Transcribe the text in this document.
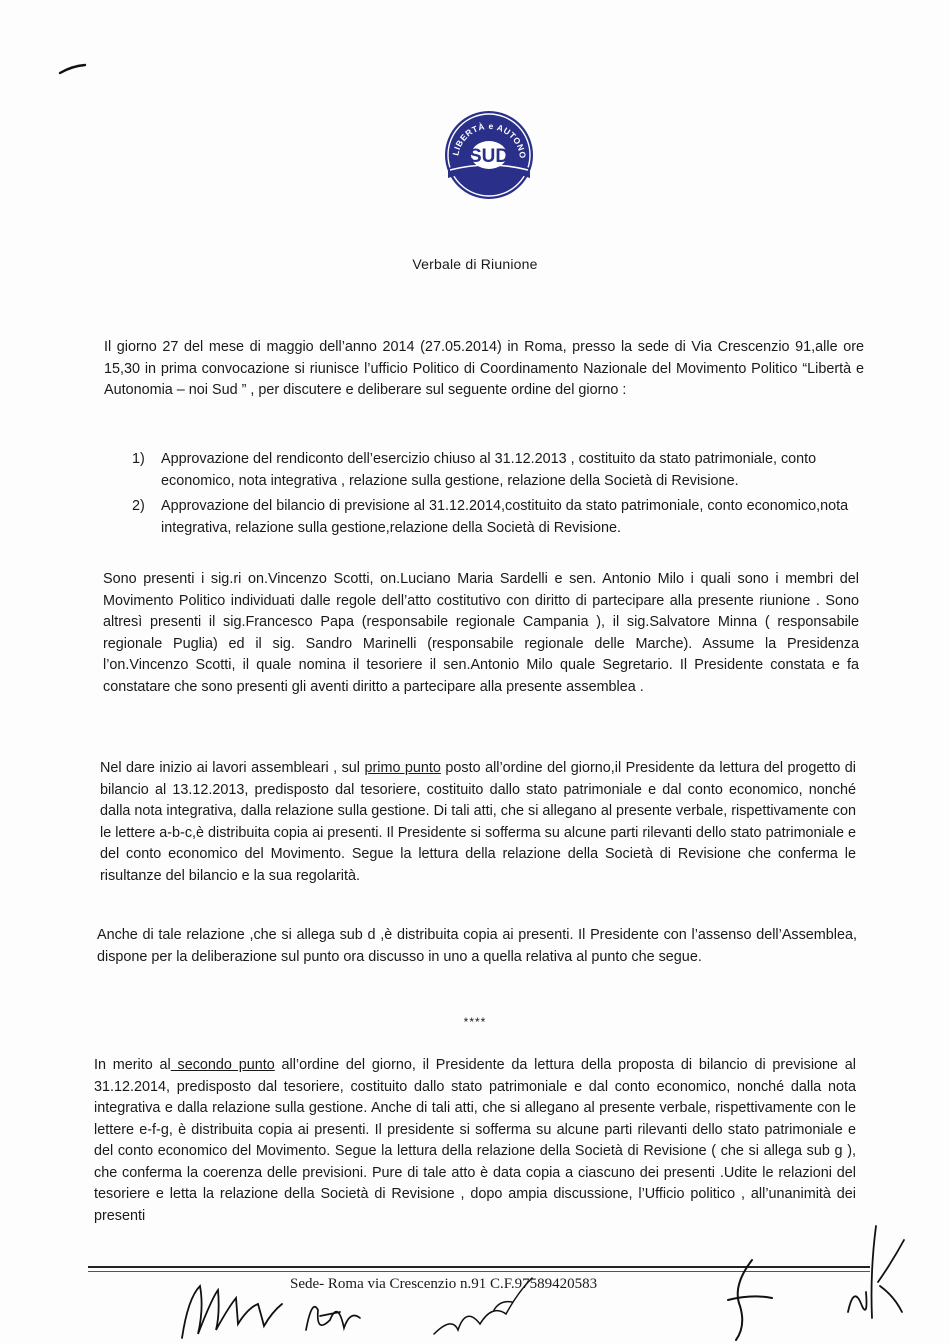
LIBERTÀ e AUTONO
SUD
Verbale di Riunione
Il giorno 27 del mese di maggio dell’anno 2014 (27.05.2014) in Roma, presso la sede di Via Crescenzio 91,alle ore 15,30 in prima convocazione si riunisce l’ufficio Politico di Coordinamento Nazionale del Movimento Politico “Libertà e Autonomia – noi Sud ” , per discutere e deliberare sul seguente ordine del giorno :
1) Approvazione del rendiconto dell’esercizio chiuso al 31.12.2013 , costituito da stato patrimoniale, conto economico, nota integrativa , relazione sulla gestione, relazione della Società di Revisione.
2) Approvazione del bilancio di previsione al 31.12.2014,costituito da stato patrimoniale, conto economico,nota integrativa, relazione sulla gestione,relazione della Società di Revisione.
Sono presenti i sig.ri on.Vincenzo Scotti, on.Luciano Maria Sardelli e sen. Antonio Milo i quali sono i membri del Movimento Politico individuati dalle regole dell’atto costitutivo con diritto di partecipare alla presente riunione . Sono altresì presenti il sig.Francesco Papa (responsabile regionale Campania ), il sig.Salvatore Minna ( responsabile regionale Puglia) ed il sig. Sandro Marinelli (responsabile regionale delle Marche). Assume la Presidenza l’on.Vincenzo Scotti, il quale nomina il tesoriere il sen.Antonio Milo quale Segretario. Il Presidente constata e fa constatare che sono presenti gli aventi diritto a partecipare alla presente assemblea .
Nel dare inizio ai lavori assembleari , sul primo punto posto all’ordine del giorno,il Presidente da lettura del progetto di bilancio al 13.12.2013, predisposto dal tesoriere, costituito dallo stato patrimoniale e dal conto economico, nonché dalla nota integrativa, dalla relazione sulla gestione. Di tali atti, che si allegano al presente verbale, rispettivamente con le lettere a-b-c,è distribuita copia ai presenti. Il Presidente si sofferma su alcune parti rilevanti dello stato patrimoniale e del conto economico del Movimento. Segue la lettura della relazione della Società di Revisione che conferma le risultanze del bilancio e la sua regolarità.
Anche di tale relazione ,che si allega sub d ,è distribuita copia ai presenti. Il Presidente con l’assenso dell’Assemblea, dispone per la deliberazione sul punto ora discusso in uno a quella relativa al punto che segue.
****
In merito al secondo punto all’ordine del giorno, il Presidente da lettura della proposta di bilancio di previsione al 31.12.2014, predisposto dal tesoriere, costituito dallo stato patrimoniale e dal conto economico, nonché dalla nota integrativa e dalla relazione sulla gestione. Anche di tali atti, che si allegano al presente verbale, rispettivamente con le lettere e-f-g, è distribuita copia ai presenti. Il presidente si sofferma su alcune parti rilevanti dello stato patrimoniale e del conto economico del Movimento. Segue la lettura della relazione della Società di Revisione ( che si allega sub g ), che conferma la coerenza delle previsioni. Pure di tale atto è data copia a ciascuno dei presenti .Udite le relazioni del tesoriere e letta la relazione della Società di Revisione , dopo ampia discussione, l’Ufficio politico , all’unanimità dei presenti
Sede- Roma via Crescenzio n.91 C.F.97589420583
